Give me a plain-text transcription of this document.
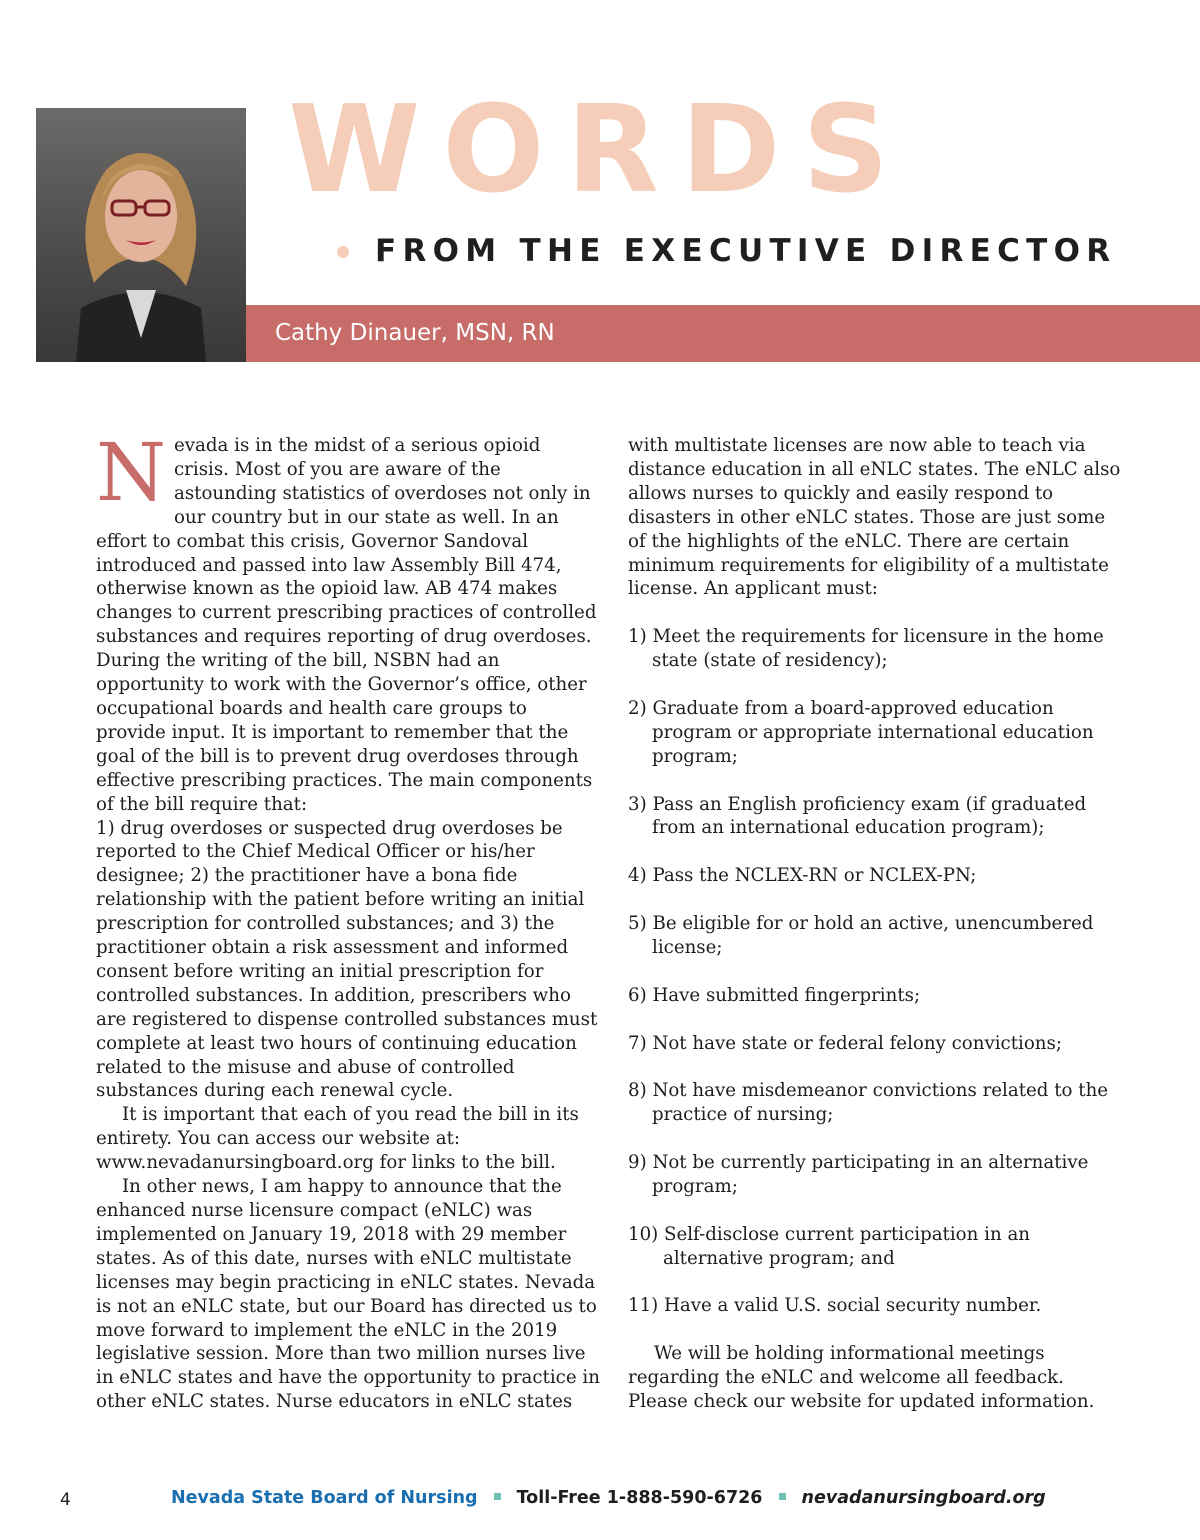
WORDS
FROM THE EXECUTIVE DIRECTOR
Cathy Dinauer, MSN, RN

Nevada is in the midst of a serious opioid crisis. Most of you are aware of the astounding statistics of overdoses not only in our country but in our state as well. In an effort to combat this crisis, Governor Sandoval introduced and passed into law Assembly Bill 474, otherwise known as the opioid law. AB 474 makes changes to current prescribing practices of controlled substances and requires reporting of drug overdoses. During the writing of the bill, NSBN had an opportunity to work with the Governor’s office, other occupational boards and health care groups to provide input. It is important to remember that the goal of the bill is to prevent drug overdoses through effective prescribing practices. The main components of the bill require that:

1) drug overdoses or suspected drug overdoses be reported to the Chief Medical Officer or his/her designee; 2) the practitioner have a bona fide relationship with the patient before writing an initial prescription for controlled substances; and 3) the practitioner obtain a risk assessment and informed consent before writing an initial prescription for controlled substances. In addition, prescribers who are registered to dispense controlled substances must complete at least two hours of continuing education related to the misuse and abuse of controlled substances during each renewal cycle.

It is important that each of you read the bill in its entirety. You can access our website at: www.nevadanursingboard.org for links to the bill.

In other news, I am happy to announce that the enhanced nurse licensure compact (eNLC) was implemented on January 19, 2018 with 29 member states. As of this date, nurses with eNLC multistate licenses may begin practicing in eNLC states. Nevada is not an eNLC state, but our Board has directed us to move forward to implement the eNLC in the 2019 legislative session. More than two million nurses live in eNLC states and have the opportunity to practice in other eNLC states. Nurse educators in eNLC states

with multistate licenses are now able to teach via distance education in all eNLC states. The eNLC also allows nurses to quickly and easily respond to disasters in other eNLC states. Those are just some of the highlights of the eNLC. There are certain minimum requirements for eligibility of a multistate license. An applicant must:

1) Meet the requirements for licensure in the home state (state of residency);
2) Graduate from a board-approved education program or appropriate international education program;
3) Pass an English proficiency exam (if graduated from an international education program);
4) Pass the NCLEX-RN or NCLEX-PN;
5) Be eligible for or hold an active, unencumbered license;
6) Have submitted fingerprints;
7) Not have state or federal felony convictions;
8) Not have misdemeanor convictions related to the practice of nursing;
9) Not be currently participating in an alternative program;
10) Self-disclose current participation in an alternative program; and
11) Have a valid U.S. social security number.

We will be holding informational meetings regarding the eNLC and welcome all feedback. Please check our website for updated information.

4	Nevada State Board of Nursing Toll-Free 1-888-590-6726 nevadanursingboard.org
